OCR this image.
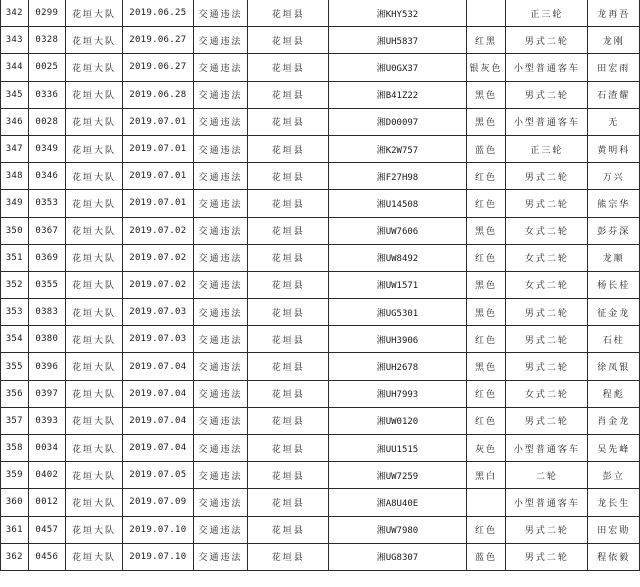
342	0299	花垣大队	2019.06.25	交通违法	花垣县	湘KHY532		正三轮	龙再吾
343	0328	花垣大队	2019.06.27	交通违法	花垣县	湘UH5837	红黑	男式二轮	龙刚
344	0025	花垣大队	2019.06.27	交通违法	花垣县	湘U0GX37	银灰色	小型普通客车	田宏雨
345	0336	花垣大队	2019.06.28	交通违法	花垣县	湘B41Z22	黑色	男式二轮	石渣耀
346	0028	花垣大队	2019.07.01	交通违法	花垣县	湘D00097	黑色	小型普通客车	无
347	0349	花垣大队	2019.07.01	交通违法	花垣县	湘K2W757	蓝色	正三轮	黄明科
348	0346	花垣大队	2019.07.01	交通违法	花垣县	湘F27H98	红色	男式二轮	万兴
349	0353	花垣大队	2019.07.01	交通违法	花垣县	湘U14508	红色	男式二轮	熊宗华
350	0367	花垣大队	2019.07.02	交通违法	花垣县	湘UW7606	黑色	女式二轮	彭芬深
351	0369	花垣大队	2019.07.02	交通违法	花垣县	湘UW8492	红色	女式二轮	龙顺
352	0355	花垣大队	2019.07.02	交通违法	花垣县	湘UW1571	黑色	女式二轮	杨长桂
353	0383	花垣大队	2019.07.03	交通违法	花垣县	湘UG5301	黑色	男式二轮	征金龙
354	0380	花垣大队	2019.07.03	交通违法	花垣县	湘UH3906	红色	男式二轮	石柱
355	0396	花垣大队	2019.07.04	交通违法	花垣县	湘UH2678	黑色	男式二轮	徐凤银
356	0397	花垣大队	2019.07.04	交通违法	花垣县	湘UH7993	红色	女式二轮	程彪
357	0393	花垣大队	2019.07.04	交通违法	花垣县	湘UW0120	红色	男式二轮	肖金龙
358	0034	花垣大队	2019.07.04	交通违法	花垣县	湘UU1515	灰色	小型普通客车	吴先峰
359	0402	花垣大队	2019.07.05	交通违法	花垣县	湘UW7259	黑白	二轮	彭立
360	0012	花垣大队	2019.07.09	交通违法	花垣县	湘A8U40E		小型普通客车	龙长生
361	0457	花垣大队	2019.07.10	交通违法	花垣县	湘UW7980	红色	男式二轮	田宏勋
362	0456	花垣大队	2019.07.10	交通违法	花垣县	湘UG8307	蓝色	男式二轮	程依毅
